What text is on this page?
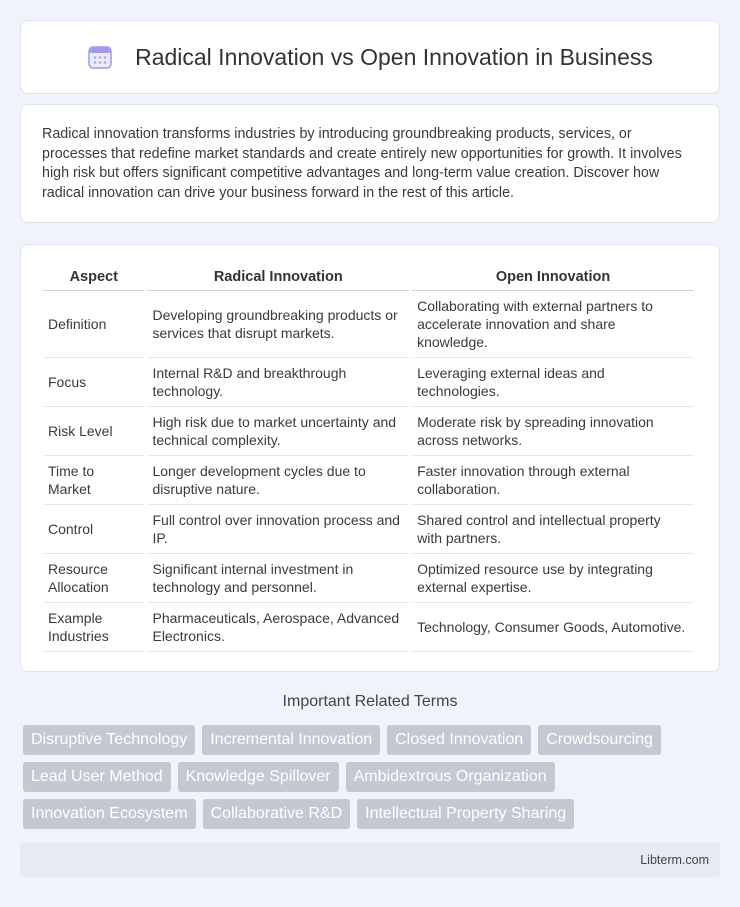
Radical Innovation vs Open Innovation in Business

Radical innovation transforms industries by introducing groundbreaking products, services, or processes that redefine market standards and create entirely new opportunities for growth. It involves high risk but offers significant competitive advantages and long-term value creation. Discover how radical innovation can drive your business forward in the rest of this article.

Aspect	Radical Innovation	Open Innovation
Definition	Developing groundbreaking products or services that disrupt markets.	Collaborating with external partners to accelerate innovation and share knowledge.
Focus	Internal R&D and breakthrough technology.	Leveraging external ideas and technologies.
Risk Level	High risk due to market uncertainty and technical complexity.	Moderate risk by spreading innovation across networks.
Time to Market	Longer development cycles due to disruptive nature.	Faster innovation through external collaboration.
Control	Full control over innovation process and IP.	Shared control and intellectual property with partners.
Resource Allocation	Significant internal investment in technology and personnel.	Optimized resource use by integrating external expertise.
Example Industries	Pharmaceuticals, Aerospace, Advanced Electronics.	Technology, Consumer Goods, Automotive.
Important Related Terms
Disruptive Technology	Incremental Innovation	Closed Innovation	Crowdsourcing
Lead User Method	Knowledge Spillover	Ambidextrous Organization
Innovation Ecosystem	Collaborative R&D	Intellectual Property Sharing
Libterm.com
